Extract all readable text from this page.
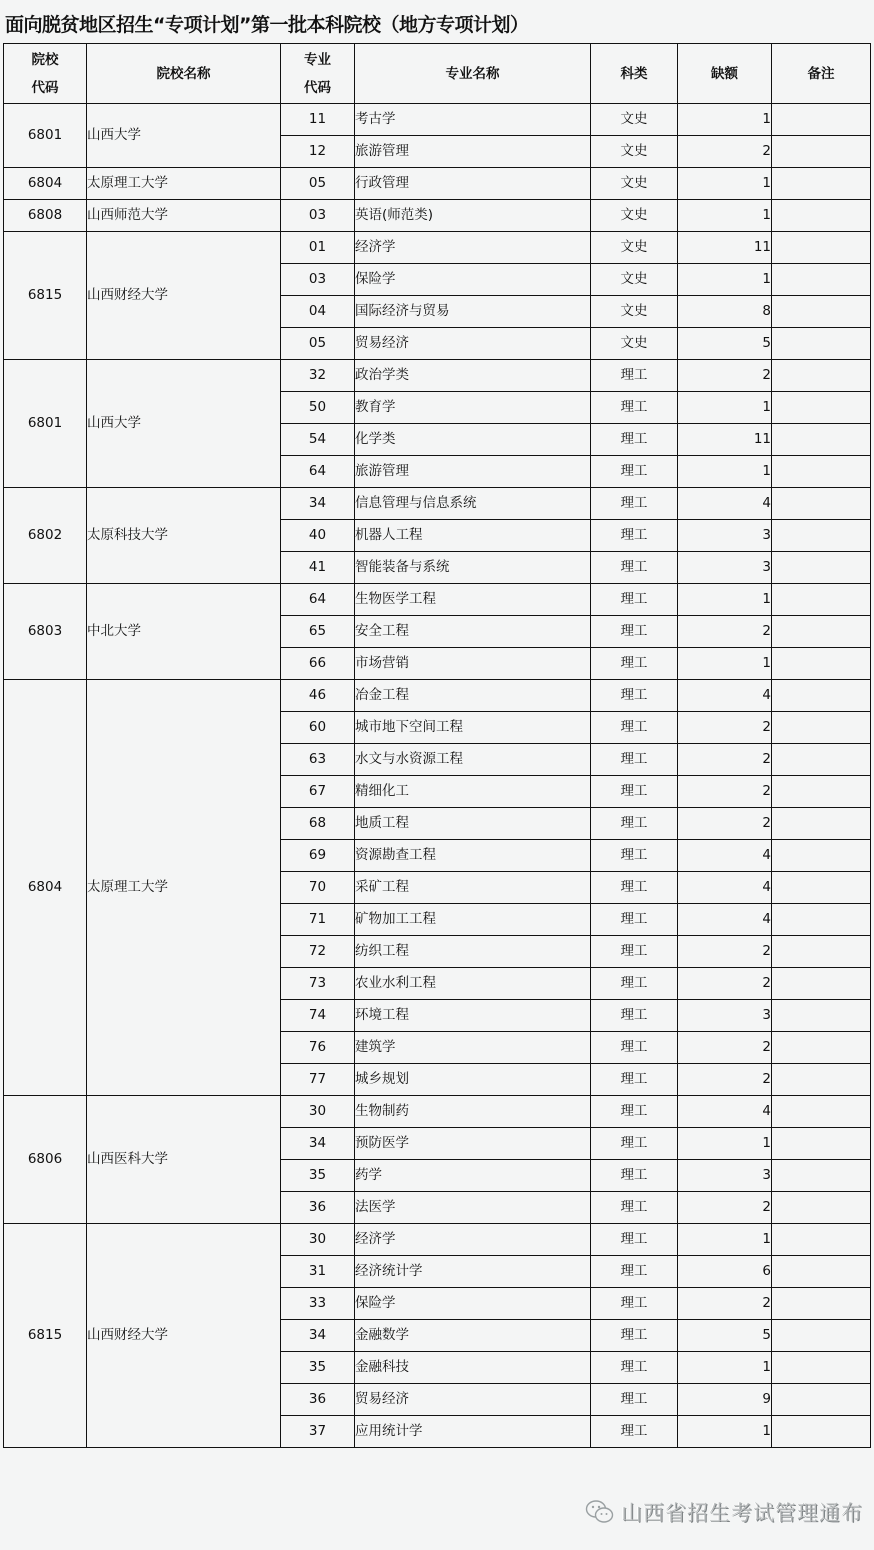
面向脱贫地区招生“专项计划”第一批本科院校（地方专项计划）
院校
代码
	院校名称	
专业
代码
	专业名称	科类	缺额	备注
6801	山西大学	11	考古学	文史	1	
		12	旅游管理	文史	2	
6804	太原理工大学	05	行政管理	文史	1	
6808	山西师范大学	03	英语(师范类)	文史	1	
6815	山西财经大学	01	经济学	文史	11	
		03	保险学	文史	1	
		04	国际经济与贸易	文史	8	
		05	贸易经济	文史	5	
6801	山西大学	32	政治学类	理工	2	
		50	教育学	理工	1	
		54	化学类	理工	11	
		64	旅游管理	理工	1	
6802	太原科技大学	34	信息管理与信息系统	理工	4	
		40	机器人工程	理工	3	
		41	智能装备与系统	理工	3	
6803	中北大学	64	生物医学工程	理工	1	
		65	安全工程	理工	2	
		66	市场营销	理工	1	
6804	太原理工大学	46	冶金工程	理工	4	
		60	城市地下空间工程	理工	2	
		63	水文与水资源工程	理工	2	
		67	精细化工	理工	2	
		68	地质工程	理工	2	
		69	资源勘查工程	理工	4	
		70	采矿工程	理工	4	
		71	矿物加工工程	理工	4	
		72	纺织工程	理工	2	
		73	农业水利工程	理工	2	
		74	环境工程	理工	3	
		76	建筑学	理工	2	
		77	城乡规划	理工	2	
6806	山西医科大学	30	生物制药	理工	4	
		34	预防医学	理工	1	
		35	药学	理工	3	
		36	法医学	理工	2	
6815	山西财经大学	30	经济学	理工	1	
		31	经济统计学	理工	6	
		33	保险学	理工	2	
		34	金融数学	理工	5	
		35	金融科技	理工	1	
		36	贸易经济	理工	9	
		37	应用统计学	理工	1	
山西省招生考试管理通布
